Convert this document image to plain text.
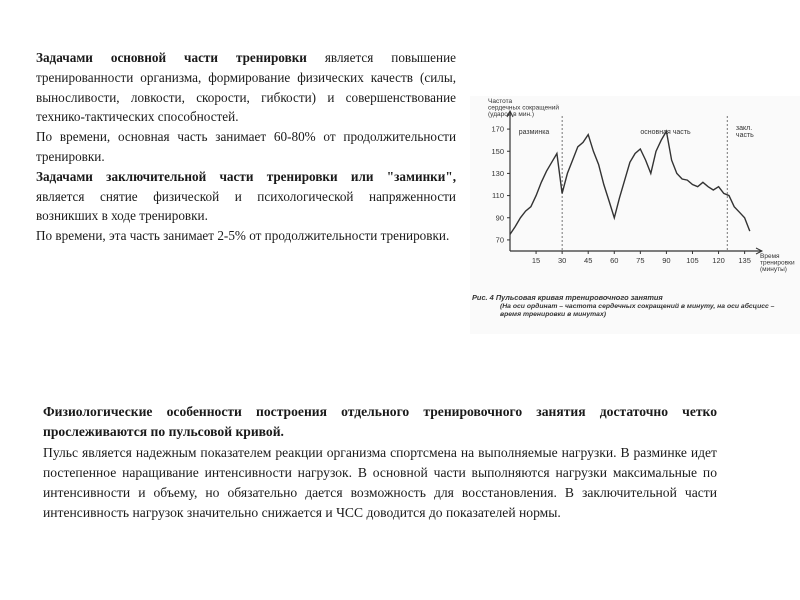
Задачами основной части тренировки является повышение тренированности организма, формирование физических качеств (силы, выносливости, ловкости, скорости, гибкости) и совершенствование технико-тактических способностей.

По времени, основная часть занимает 60-80% от продолжительности тренировки.

Задачами заключительной части тренировки или "заминки", является снятие физической и психологической напряженности возникших в ходе тренировки.

По времени, эта часть занимает 2-5% от продолжительности тренировки.

Частота сердечных сокращений (ударов в мин.)
Время тренировки (минуты)
70
90
110
130
150
170
15 30 45 60 75 90 105 120 135
разминка	основная часть
закл. часть
Рис. 4 Пульсовая кривая тренировочного занятия
(На оси ординат – частота сердечных сокращений в минуту, на оси абсцисс – время тренировки в минутах)

Физиологические особенности построения отдельного тренировочного занятия достаточно четко прослеживаются по пульсовой кривой.

Пульс является надежным показателем реакции организма спортсмена на выполняемые нагрузки. В разминке идет постепенное наращивание интенсивности нагрузок. В основной части выполняются нагрузки максимальные по интенсивности и объему, но обязательно дается возможность для восстановления. В заключительной части интенсивность нагрузок значительно снижается и ЧСС доводится до показателей нормы.
